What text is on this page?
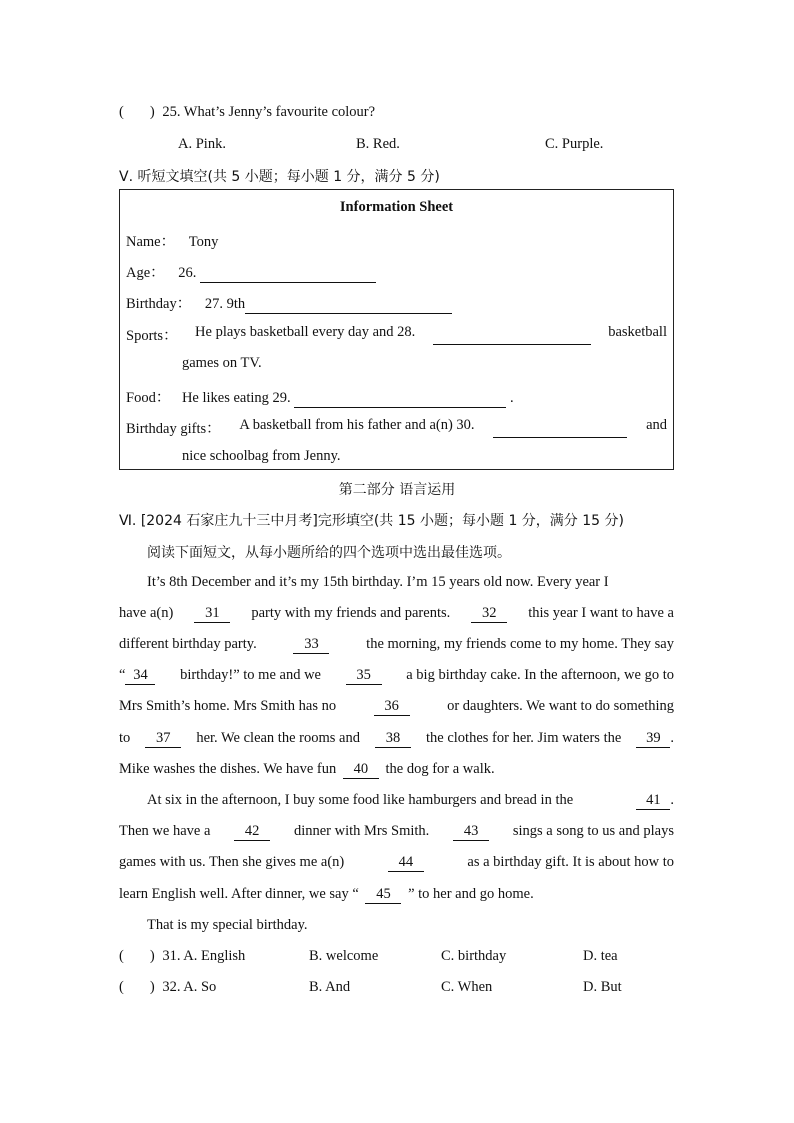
( ) 25. What’s Jenny’s favourite colour?
A. Pink.	B. Red.	C. Purple.
Ⅴ. 听短文填空(共 5 小题；每小题 1 分，满分 5 分)
Information Sheet
Name： Tony
Age： 26.
Birthday： 27. 9th
Sports： He plays basketball every day and 28.
	basketball
games on TV.
Food： He likes eating 29.	.
Birthday gifts： A basketball from his father and a(n) 30.
	and
nice schoolbag from Jenny.
第二部分 语言运用
Ⅵ. [2024 石家庄九十三中月考]完形填空(共 15 小题；每小题 1 分，满分 15 分)
阅读下面短文，从每小题所给的四个选项中选出最佳选项。
It’s 8th December and it’s my 15th birthday. I’m 15 years old now. Every year I
have a(n)	31	party with my friends and parents.	32	this year I want to have a
different birthday party.	33	the morning, my friends come to my home. They say
“ 34	birthday!” to me and we	35	a big birthday cake. In the afternoon, we go to
Mrs Smith’s home. Mrs Smith has no	36	or daughters. We want to do something
to	37	her. We clean the rooms and	38	the clothes for her. Jim waters the	39 .
Mike washes the dishes. We have fun 40 the dog for a walk.
At six in the afternoon, I buy some food like hamburgers and bread in the	41 .
Then we have a	42	dinner with Mrs Smith.	43	sings a song to us and plays
games with us. Then she gives me a(n)	44	as a birthday gift. It is about how to
learn English well. After dinner, we say “ 45 ” to her and go home.
That is my special birthday.
( ) 31. A. English	B. welcome	C. birthday	D. tea
( ) 32. A. So	B. And	C. When	D. But
